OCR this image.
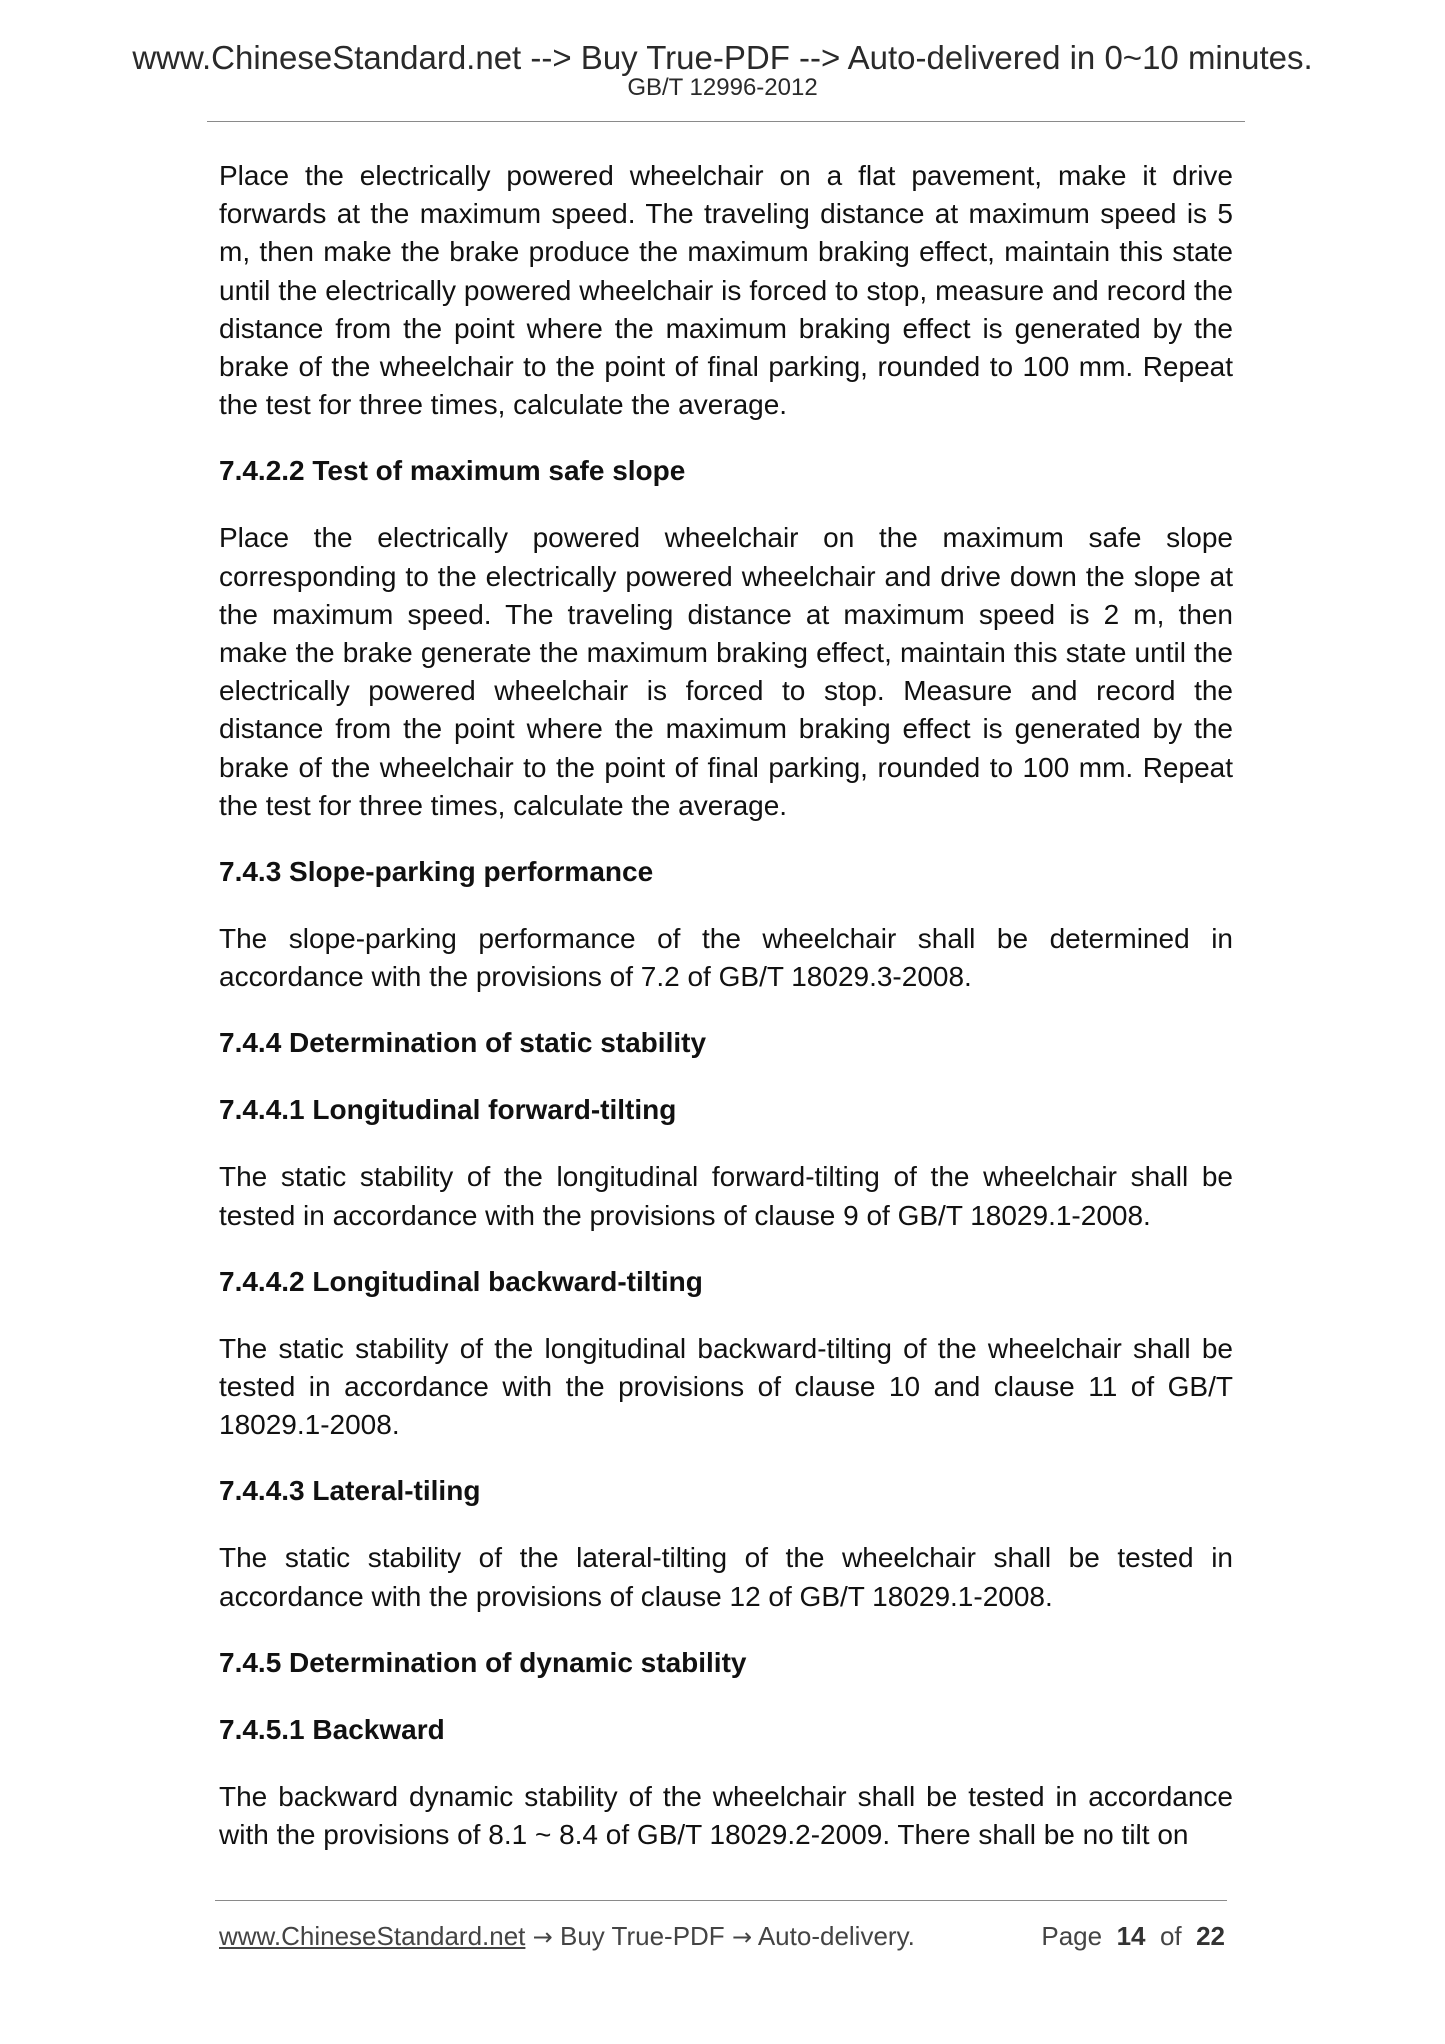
www.ChineseStandard.net --> Buy True-PDF --> Auto-delivered in 0~10 minutes.
GB/T 12996-2012

Place the electrically powered wheelchair on a flat pavement, make it drive forwards at the maximum speed. The traveling distance at maximum speed is 5 m, then make the brake produce the maximum braking effect, maintain this state until the electrically powered wheelchair is forced to stop, measure and record the distance from the point where the maximum braking effect is generated by the brake of the wheelchair to the point of final parking, rounded to 100 mm. Repeat the test for three times, calculate the average.

7.4.2.2 Test of maximum safe slope

Place the electrically powered wheelchair on the maximum safe slope corresponding to the electrically powered wheelchair and drive down the slope at the maximum speed. The traveling distance at maximum speed is 2 m, then make the brake generate the maximum braking effect, maintain this state until the electrically powered wheelchair is forced to stop. Measure and record the distance from the point where the maximum braking effect is generated by the brake of the wheelchair to the point of final parking, rounded to 100 mm. Repeat the test for three times, calculate the average.

7.4.3 Slope-parking performance

The slope-parking performance of the wheelchair shall be determined in accordance with the provisions of 7.2 of GB/T 18029.3-2008.

7.4.4 Determination of static stability

7.4.4.1 Longitudinal forward-tilting

The static stability of the longitudinal forward-tilting of the wheelchair shall be tested in accordance with the provisions of clause 9 of GB/T 18029.1-2008.

7.4.4.2 Longitudinal backward-tilting

The static stability of the longitudinal backward-tilting of the wheelchair shall be tested in accordance with the provisions of clause 10 and clause 11 of GB/T 18029.1-2008.

7.4.4.3 Lateral-tiling

The static stability of the lateral-tilting of the wheelchair shall be tested in accordance with the provisions of clause 12 of GB/T 18029.1-2008.

7.4.5 Determination of dynamic stability

7.4.5.1 Backward

The backward dynamic stability of the wheelchair shall be tested in accordance with the provisions of 8.1 ~ 8.4 of GB/T 18029.2-2009. There shall be no tilt on

www.ChineseStandard.net → Buy True-PDF → Auto-delivery.	Page 14 of 22
